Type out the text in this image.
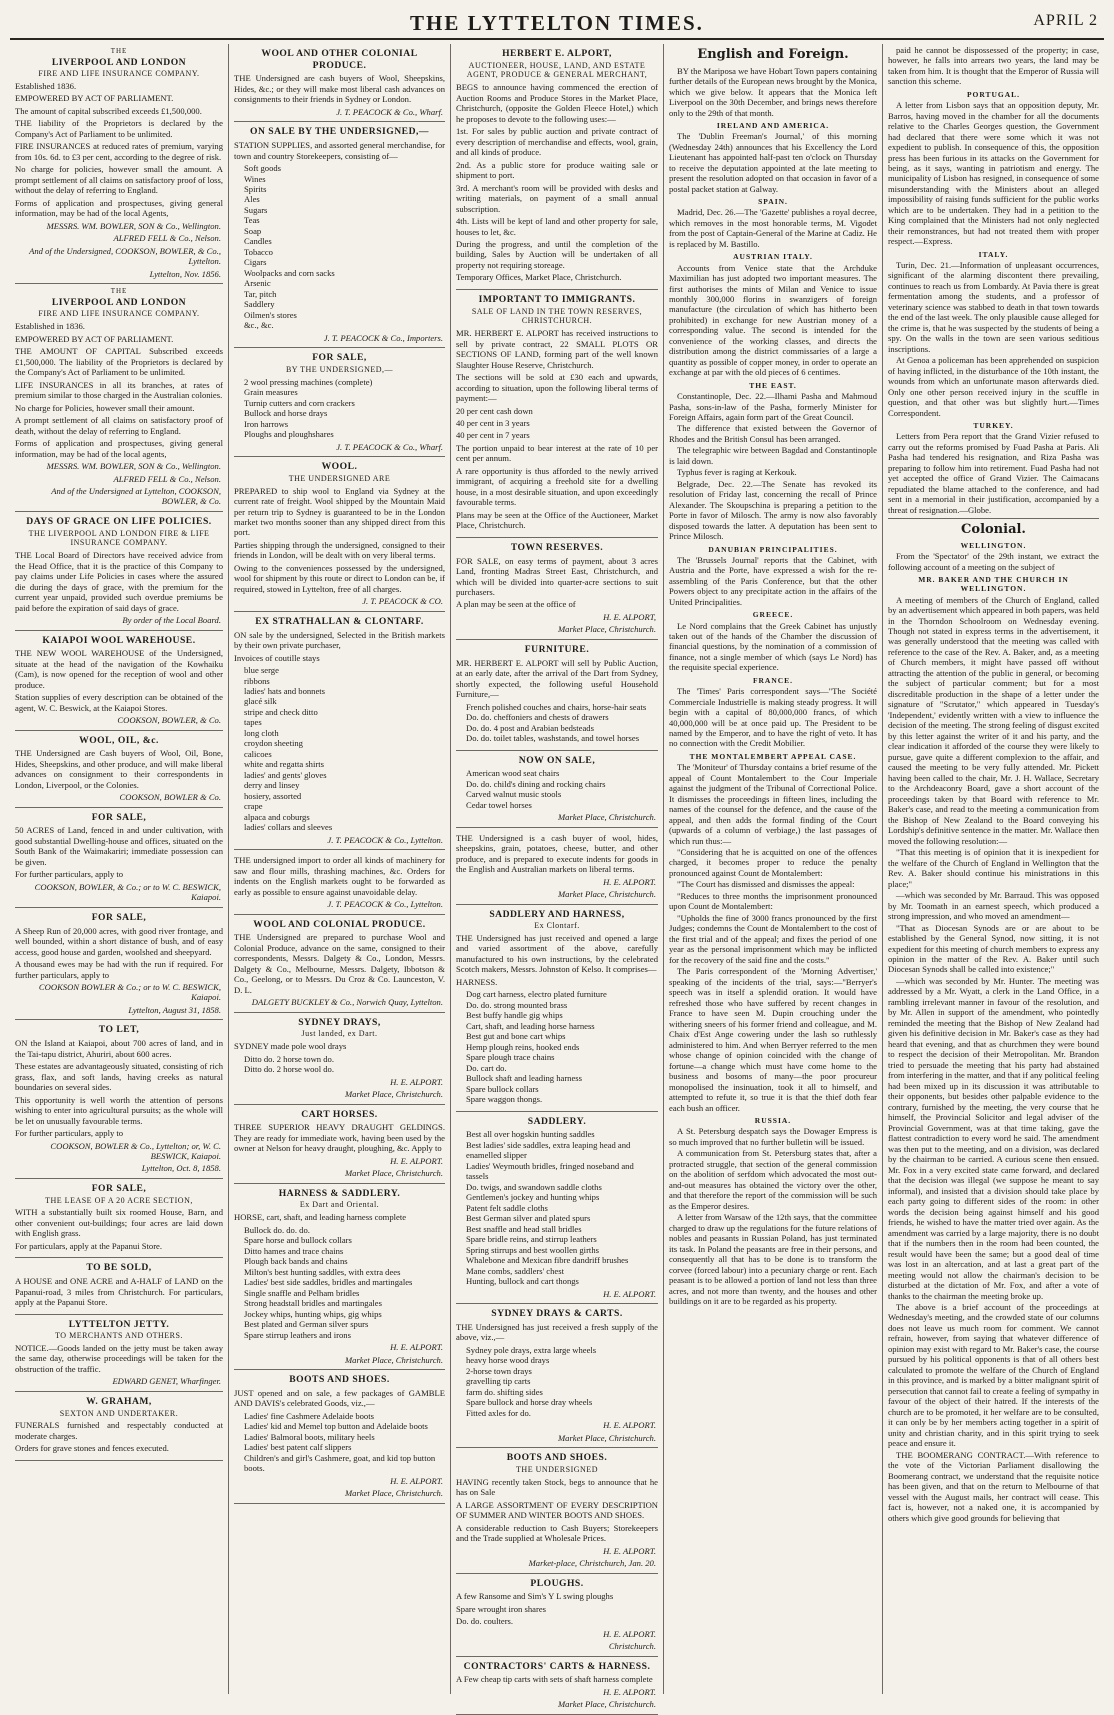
THE LYTTELTON TIMES.	APRIL 2
THE
LIVERPOOL AND LONDON
FIRE AND LIFE INSURANCE COMPANY.
Established 1836.
EMPOWERED BY ACT OF PARLIAMENT.
The amount of capital subscribed exceeds £1,500,000.
THE liability of the Proprietors is declared by the Company's Act of Parliament to be unlimited.
FIRE INSURANCES at reduced rates of premium, varying from 10s. 6d. to £3 per cent, according to the degree of risk.
No charge for policies, however small the amount. A prompt settlement of all claims on satisfactory proof of loss, without the delay of referring to England.
Forms of application and prospectuses, giving general information, may be had of the local Agents,
MESSRS. WM. BOWLER, SON & Co., Wellington.
ALFRED FELL & Co., Nelson.
And of the Undersigned, COOKSON, BOWLER, & Co., Lyttelton.
Lyttelton, Nov. 1856.
THE
LIVERPOOL AND LONDON
FIRE AND LIFE INSURANCE COMPANY.
Established in 1836.
EMPOWERED BY ACT OF PARLIAMENT.
THE AMOUNT OF CAPITAL Subscribed exceeds £1,500,000. The liability of the Proprietors is declared by the Company's Act of Parliament to be unlimited.
LIFE INSURANCES in all its branches, at rates of premium similar to those charged in the Australian colonies.
No charge for Policies, however small their amount.
A prompt settlement of all claims on satisfactory proof of death, without the delay of referring to England.
Forms of application and prospectuses, giving general information, may be had of the local agents,
MESSRS. WM. BOWLER, SON & Co., Wellington.
ALFRED FELL & Co., Nelson.
And of the Undersigned at Lyttelton, COOKSON, BOWLER, & Co.
DAYS OF GRACE ON LIFE POLICIES.
THE LIVERPOOL AND LONDON FIRE & LIFE INSURANCE COMPANY.
THE Local Board of Directors have received advice from the Head Office, that it is the practice of this Company to pay claims under Life Policies in cases where the assured die during the days of grace, with the premium for the current year unpaid, provided such overdue premiums be paid before the expiration of said days of grace.
By order of the Local Board.
KAIAPOI WOOL WAREHOUSE.
THE NEW WOOL WAREHOUSE of the Undersigned, situate at the head of the navigation of the Kowhaiku (Cam), is now opened for the reception of wool and other produce.
Station supplies of every description can be obtained of the agent, W. C. Beswick, at the Kaiapoi Stores.
COOKSON, BOWLER, & Co.
WOOL, OIL, &c.
THE Undersigned are Cash buyers of Wool, Oil, Bone, Hides, Sheepskins, and other produce, and will make liberal advances on consignment to their correspondents in London, Liverpool, or the Colonies.
COOKSON, BOWLER & Co.
FOR SALE,
50 ACRES of Land, fenced in and under cultivation, with good substantial Dwelling-house and offices, situated on the South Bank of the Waimakariri; immediate possession can be given.
For further particulars, apply to
COOKSON, BOWLER, & Co.; or to W. C. BESWICK, Kaiapoi.
FOR SALE,
A Sheep Run of 20,000 acres, with good river frontage, and well bounded, within a short distance of bush, and of easy access, good house and garden, woolshed and sheepyard.
A thousand ewes may be had with the run if required. For further particulars, apply to
COOKSON BOWLER & Co.; or to W. C. BESWICK, Kaiapoi.
Lyttelton, August 31, 1858.
TO LET,
ON the Island at Kaiapoi, about 700 acres of land, and in the Tai-tapu district, Ahuriri, about 600 acres.
These estates are advantageously situated, consisting of rich grass, flax, and soft lands, having creeks as natural boundaries on several sides.
This opportunity is well worth the attention of persons wishing to enter into agricultural pursuits; as the whole will be let on unusually favourable terms.
For further particulars, apply to
COOKSON, BOWLER & Co., Lyttelton; or, W. C. BESWICK, Kaiapoi.
Lyttelton, Oct. 8, 1858.
FOR SALE,
THE LEASE OF A 20 ACRE SECTION,
WITH a substantially built six roomed House, Barn, and other convenient out-buildings; four acres are laid down with English grass.
For particulars, apply at the Papanui Store.
TO BE SOLD,
A HOUSE and ONE ACRE and A-HALF of LAND on the Papanui-road, 3 miles from Christchurch. For particulars, apply at the Papanui Store.
LYTTELTON JETTY.
TO MERCHANTS AND OTHERS.
NOTICE.—Goods landed on the jetty must be taken away the same day, otherwise proceedings will be taken for the obstruction of the traffic.
EDWARD GENET, Wharfinger.
W. GRAHAM,
SEXTON AND UNDERTAKER.
FUNERALS furnished and respectably conducted at moderate charges.
Orders for grave stones and fences executed.
WOOL AND OTHER COLONIAL PRODUCE.
THE Undersigned are cash buyers of Wool, Sheepskins, Hides, &c.; or they will make most liberal cash advances on consignments to their friends in Sydney or London.
J. T. PEACOCK & Co., Wharf.
ON SALE BY THE UNDERSIGNED,—
STATION SUPPLIES, and assorted general merchandise, for town and country Storekeepers, consisting of—
Soft goods
Wines
Spirits
Ales
Sugars
Teas
Soap
Candles
Tobacco
Cigars
Woolpacks and corn sacks
Arsenic
Tar, pitch
Saddlery
Oilmen's stores
&c., &c.
J. T. PEACOCK & Co., Importers.
FOR SALE,
BY THE UNDERSIGNED,—
2 wool pressing machines (complete)
Grain measures
Turnip cutters and corn crackers
Bullock and horse drays
Iron harrows
Ploughs and ploughshares
J. T. PEACOCK & Co., Wharf.
WOOL.
THE UNDERSIGNED ARE
PREPARED to ship wool to England via Sydney at the current rate of freight. Wool shipped by the Mountain Maid per return trip to Sydney is guaranteed to be in the London market two months sooner than any shipped direct from this port.
Parties shipping through the undersigned, consigned to their friends in London, will be dealt with on very liberal terms.
Owing to the conveniences possessed by the undersigned, wool for shipment by this route or direct to London can be, if required, stowed in Lyttelton, free of all charges.
J. T. PEACOCK & CO.
EX STRATHALLAN & CLONTARF.
ON sale by the undersigned, Selected in the British markets by their own private purchaser,
Invoices of coutille stays
blue serge
ribbons
ladies' hats and bonnets
glacé silk
stripe and check ditto
tapes
long cloth
croydon sheeting
calicoes
white and regatta shirts
ladies' and gents' gloves
derry and linsey
hosiery, assorted
crape
alpaca and coburgs
ladies' collars and sleeves
J. T. PEACOCK & Co., Lyttelton.
THE undersigned import to order all kinds of machinery for saw and flour mills, thrashing machines, &c. Orders for indents on the English markets ought to be forwarded as early as possible to ensure against unavoidable delay.
J. T. PEACOCK & Co., Lyttelton.
WOOL AND COLONIAL PRODUCE.
THE Undersigned are prepared to purchase Wool and Colonial Produce, advance on the same, consigned to their correspondents, Messrs. Dalgety & Co., London, Messrs. Dalgety & Co., Melbourne, Messrs. Dalgety, Ibbotson & Co., Geelong, or to Messrs. Du Croz & Co. Launceston, V. D. L.
DALGETY BUCKLEY & Co., Norwich Quay, Lyttelton.
SYDNEY DRAYS,
Just landed, ex Dart.
SYDNEY made pole wool drays
Ditto do. 2 horse town do.
Ditto do. 2 horse wool do.
H. E. ALPORT.
Market Place, Christchurch.
CART HORSES.
THREE SUPERIOR HEAVY DRAUGHT GELDINGS. They are ready for immediate work, having been used by the owner at Nelson for heavy draught, ploughing, &c. Apply to
H. E. ALPORT.
Market Place, Christchurch.
HARNESS & SADDLERY.
Ex Dart and Oriental.
HORSE, cart, shaft, and leading harness complete
Bullock do. do. do.
Spare horse and bullock collars
Ditto hames and trace chains
Plough back bands and chains
Milton's best hunting saddles, with extra dees
Ladies' best side saddles, bridles and martingales
Single snaffle and Pelham bridles
Strong headstall bridles and martingales
Jockey whips, hunting whips, gig whips
Best plated and German silver spurs
Spare stirrup leathers and irons
H. E. ALPORT.
Market Place, Christchurch.
BOOTS AND SHOES.
JUST opened and on sale, a few packages of GAMBLE AND DAVIS's celebrated Goods, viz.,—
Ladies' fine Cashmere Adelaide boots
Ladies' kid and Memel top button and Adelaide boots
Ladies' Balmoral boots, military heels
Ladies' best patent calf slippers
Children's and girl's Cashmere, goat, and kid top button boots.
H. E. ALPORT.
Market Place, Christchurch.
HERBERT E. ALPORT,
AUCTIONEER, HOUSE, LAND, AND ESTATE AGENT, PRODUCE & GENERAL MERCHANT,
BEGS to announce having commenced the erection of Auction Rooms and Produce Stores in the Market Place, Christchurch, (opposite the Golden Fleece Hotel,) which he proposes to devote to the following uses:—
1st. For sales by public auction and private contract of every description of merchandise and effects, wool, grain, and all kinds of produce.
2nd. As a public store for produce waiting sale or shipment to port.
3rd. A merchant's room will be provided with desks and writing materials, on payment of a small annual subscription.
4th. Lists will be kept of land and other property for sale, houses to let, &c.
During the progress, and until the completion of the building, Sales by Auction will be undertaken of all property not requiring storeage.
Temporary Offices, Market Place, Christchurch.
IMPORTANT TO IMMIGRANTS.
SALE OF LAND IN THE TOWN RESERVES, CHRISTCHURCH.
MR. HERBERT E. ALPORT has received instructions to sell by private contract, 22 SMALL PLOTS OR SECTIONS OF LAND, forming part of the well known Slaughter House Reserve, Christchurch.
The sections will be sold at £30 each and upwards, according to situation, upon the following liberal terms of payment:—
20 per cent cash down
40 per cent in 3 years
40 per cent in 7 years
The portion unpaid to bear interest at the rate of 10 per cent per annum.
A rare opportunity is thus afforded to the newly arrived immigrant, of acquiring a freehold site for a dwelling house, in a most desirable situation, and upon exceedingly favourable terms.
Plans may be seen at the Office of the Auctioneer, Market Place, Christchurch.
TOWN RESERVES.
FOR SALE, on easy terms of payment, about 3 acres Land, fronting Madras Street East, Christchurch, and which will be divided into quarter-acre sections to suit purchasers.
A plan may be seen at the office of
H. E. ALPORT,
Market Place, Christchurch.
FURNITURE.
MR. HERBERT E. ALPORT will sell by Public Auction, at an early date, after the arrival of the Dart from Sydney, shortly expected, the following useful Household Furniture,—
French polished couches and chairs, horse-hair seats
Do. do. cheffoniers and chests of drawers
Do. do. 4 post and Arabian bedsteads
Do. do. toilet tables, washstands, and towel horses
NOW ON SALE,
American wood seat chairs
Do. do. child's dining and rocking chairs
Carved walnut music stools
Cedar towel horses
Market Place, Christchurch.
THE Undersigned is a cash buyer of wool, hides, sheepskins, grain, potatoes, cheese, butter, and other produce, and is prepared to execute indents for goods in the English and Australian markets on liberal terms.
H. E. ALPORT.
Market Place, Christchurch.
SADDLERY AND HARNESS,
Ex Clontarf.
THE Undersigned has just received and opened a large and varied assortment of the above, carefully manufactured to his own instructions, by the celebrated Scotch makers, Messrs. Johnston of Kelso. It comprises—
HARNESS.
Dog cart harness, electro plated furniture
Do. do. strong mounted brass
Best buffy handle gig whips
Cart, shaft, and leading horse harness
Best gut and bone cart whips
Hemp plough reins, hooked ends
Spare plough trace chains
Do. cart do.
Bullock shaft and leading harness
Spare bullock collars
Spare waggon thongs.
SADDLERY.
Best all over hogskin hunting saddles
Best ladies' side saddles, extra leaping head and enamelled slipper
Ladies' Weymouth bridles, fringed noseband and tassels
Do. twigs, and swandown saddle cloths
Gentlemen's jockey and hunting whips
Patent felt saddle cloths
Best German silver and plated spurs
Best snaffle and head stall bridles
Spare bridle reins, and stirrup leathers
Spring stirrups and best woollen girths
Whalebone and Mexican fibre dandriff brushes
Mane combs, saddlers' chest
Hunting, bullock and cart thongs
H. E. ALPORT.
SYDNEY DRAYS & CARTS.
THE Undersigned has just received a fresh supply of the above, viz.,—
Sydney pole drays, extra large wheels
heavy horse wood drays
2-horse town drays
gravelling tip carts
farm do. shifting sides
Spare bullock and horse dray wheels
Fitted axles for do.
H. E. ALPORT.
Market Place, Christchurch.
BOOTS AND SHOES.
THE UNDERSIGNED
HAVING recently taken Stock, begs to announce that he has on Sale
A LARGE ASSORTMENT OF EVERY DESCRIPTION OF SUMMER AND WINTER BOOTS AND SHOES.
A considerable reduction to Cash Buyers; Storekeepers and the Trade supplied at Wholesale Prices.
H. E. ALPORT.
Market-place, Christchurch, Jan. 20.
PLOUGHS.
A few Ransome and Sim's Y L swing ploughs
Spare wrought iron shares
Do. do. coulters.
H. E. ALPORT.
Christchurch.
CONTRACTORS' CARTS & HARNESS.
A Few cheap tip carts with sets of shaft harness complete
H. E. ALPORT.
Market Place, Christchurch.
English and Foreign.
BY the Mariposa we have Hobart Town papers containing further details of the European news brought by the Monica, which we give below. It appears that the Monica left Liverpool on the 30th December, and brings news therefore only to the 29th of that month.
IRELAND AND AMERICA.
The 'Dublin Freeman's Journal,' of this morning (Wednesday 24th) announces that his Excellency the Lord Lieutenant has appointed half-past ten o'clock on Thursday to receive the deputation appointed at the late meeting to present the resolution adopted on that occasion in favor of a postal packet station at Galway.
SPAIN.
Madrid, Dec. 26.—The 'Gazette' publishes a royal decree, which removes in the most honorable terms, M. Vigodet from the post of Captain-General of the Marine at Cadiz. He is replaced by M. Bastillo.
AUSTRIAN ITALY.
Accounts from Venice state that the Archduke Maximilian has just adopted two important measures. The first authorises the mints of Milan and Venice to issue monthly 300,000 florins in swanzigers of foreign manufacture (the circulation of which has hitherto been prohibited) in exchange for new Austrian money of a corresponding value. The second is intended for the convenience of the working classes, and directs the distribution among the district commissaries of a large a quantity as possible of copper money, in order to operate an exchange at par with the old pieces of 6 centimes.
THE EAST.
Constantinople, Dec. 22.—Ilhami Pasha and Mahmoud Pasha, sons-in-law of the Pasha, formerly Minister for Foreign Affairs, again form part of the Great Council.
The difference that existed between the Governor of Rhodes and the British Consul has been arranged.
The telegraphic wire between Bagdad and Constantinople is laid down.
Typhus fever is raging at Kerkouk.
Belgrade, Dec. 22.—The Senate has revoked its resolution of Friday last, concerning the recall of Prince Alexander. The Skoupschina is preparing a petition to the Porte in favor of Milosch. The army is now also favorably disposed towards the latter. A deputation has been sent to Prince Milosch.
DANUBIAN PRINCIPALITIES.
The 'Brussels Journal' reports that the Cabinet, with Austria and the Porte, have expressed a wish for the re-assembling of the Paris Conference, but that the other Powers object to any precipitate action in the affairs of the United Principalities.
GREECE.
Le Nord complains that the Greek Cabinet has unjustly taken out of the hands of the Chamber the discussion of financial questions, by the nomination of a commission of finance, not a single member of which (says Le Nord) has the requisite special experience.
FRANCE.
The 'Times' Paris correspondent says—"The Société Commerciale Industrielle is making steady progress. It will begin with a capital of 80,000,000 francs, of which 40,000,000 will be at once paid up. The President to be named by the Emperor, and to have the right of veto. It has no connection with the Credit Mobilier.
THE MONTALEMBERT APPEAL CASE.
The 'Moniteur' of Thursday contains a brief resume of the appeal of Count Montalembert to the Cour Imperiale against the judgment of the Tribunal of Correctional Police. It dismisses the proceedings in fifteen lines, including the names of the counsel for the defence, and the cause of the appeal, and then adds the formal finding of the Court (upwards of a column of verbiage,) the last passages of which run thus:—
"Considering that he is acquitted on one of the offences charged, it becomes proper to reduce the penalty pronounced against Count de Montalembert:
"The Court has dismissed and dismisses the appeal:
"Reduces to three months the imprisonment pronounced upon Count de Montalembert:
"Upholds the fine of 3000 francs pronounced by the first Judges; condemns the Count de Montalembert to the cost of the first trial and of the appeal; and fixes the period of one year as the personal imprisonment which may be inflicted for the recovery of the said fine and the costs."
The Paris correspondent of the 'Morning Advertiser,' speaking of the incidents of the trial, says:—"Berryer's speech was in itself a splendid oration. It would have refreshed those who have suffered by recent changes in France to have seen M. Dupin crouching under the withering sneers of his former friend and colleague, and M. Chaix d'Est Ange cowering under the lash so ruthlessly administered to him. And when Berryer referred to the men whose change of opinion coincided with the change of fortune—a change which must have come home to the business and bosoms of many—the poor procureur monopolised the insinuation, took it all to himself, and attempted to refute it, so true it is that the thief doth fear each bush an officer.
RUSSIA.
A St. Petersburg despatch says the Dowager Empress is so much improved that no further bulletin will be issued.
A communication from St. Petersburg states that, after a protracted struggle, that section of the general commission on the abolition of serfdom which advocated the most out-and-out measures has obtained the victory over the other, and that therefore the report of the commission will be such as the Emperor desires.
A letter from Warsaw of the 12th says, that the committee charged to draw up the regulations for the future relations of nobles and peasants in Russian Poland, has just terminated its task. In Poland the peasants are free in their persons, and consequently all that has to be done is to transform the corvee (forced labour) into a pecuniary charge or rent. Each peasant is to be allowed a portion of land not less than three acres, and not more than twenty, and the houses and other buildings on it are to be regarded as his property.
paid he cannot be dispossessed of the property; in case, however, he falls into arrears two years, the land may be taken from him. It is thought that the Emperor of Russia will sanction this scheme.
PORTUGAL.
A letter from Lisbon says that an opposition deputy, Mr. Barros, having moved in the chamber for all the documents relative to the Charles Georges question, the Government had declared that there were some which it was not expedient to publish. In consequence of this, the opposition press has been furious in its attacks on the Government for being, as it says, wanting in patriotism and energy. The municipality of Lisbon has resigned, in consequence of some misunderstanding with the Ministers about an alleged impossibility of raising funds sufficient for the public works which are to be undertaken. They had in a petition to the King complained that the Ministers had not only neglected their remonstrances, but had not treated them with proper respect.—Express.
ITALY.
Turin, Dec. 21.—Information of unpleasant occurrences, significant of the alarming discontent there prevailing, continues to reach us from Lombardy. At Pavia there is great fermentation among the students, and a professor of veterinary science was stabbed to death in that town towards the end of the last week. The only plausible cause alleged for the crime is, that he was suspected by the students of being a spy. On the walls in the town are seen various seditious inscriptions.
At Genoa a policeman has been apprehended on suspicion of having inflicted, in the disturbance of the 10th instant, the wounds from which an unfortunate mason afterwards died. Only one other person received injury in the scuffle in question, and that other was but slightly hurt.—Times Correspondent.
TURKEY.
Letters from Pera report that the Grand Vizier refused to carry out the reforms promised by Fuad Pasha at Paris. Ali Pasha had tendered his resignation, and Riza Pasha was preparing to follow him into retirement. Fuad Pasha had not yet accepted the office of Grand Vizier. The Caimacans repudiated the blame attached to the conference, and had sent in a memorial in their justification, accompanied by a threat of resignation.—Globe.
Colonial.
WELLINGTON.
From the 'Spectator' of the 29th instant, we extract the following account of a meeting on the subject of
MR. BAKER AND THE CHURCH IN WELLINGTON.
A meeting of members of the Church of England, called by an advertisement which appeared in both papers, was held in the Thorndon Schoolroom on Wednesday evening. Though not stated in express terms in the advertisement, it was generally understood that the meeting was called with reference to the case of the Rev. A. Baker, and, as a meeting of Church members, it might have passed off without attracting the attention of the public in general, or becoming the subject of particular comment; but for a most discreditable production in the shape of a letter under the signature of "Scrutator," which appeared in Tuesday's 'Independent,' evidently written with a view to influence the decision of the meeting. The strong feeling of disgust excited by this letter against the writer of it and his party, and the clear indication it afforded of the course they were likely to pursue, gave quite a different complexion to the affair, and caused the meeting to be very fully attended. Mr. Pickett having been called to the chair, Mr. J. H. Wallace, Secretary to the Archdeaconry Board, gave a short account of the proceedings taken by that Board with reference to Mr. Baker's case, and read to the meeting a communication from the Bishop of New Zealand to the Board conveying his Lordship's definitive sentence in the matter. Mr. Wallace then moved the following resolution:—
"That this meeting is of opinion that it is inexpedient for the welfare of the Church of England in Wellington that the Rev. A. Baker should continue his ministrations in this place;"
—which was seconded by Mr. Barraud. This was opposed by Mr. Toomath in an earnest speech, which produced a strong impression, and who moved an amendment—
"That as Diocesan Synods are or are about to be established by the General Synod, now sitting, it is not expedient for this meeting of church members to express any opinion in the matter of the Rev. A. Baker until such Diocesan Synods shall be called into existence;"
—which was seconded by Mr. Hunter. The meeting was addressed by a Mr. Wyatt, a clerk in the Land Office, in a rambling irrelevant manner in favour of the resolution, and by Mr. Allen in support of the amendment, who pointedly reminded the meeting that the Bishop of New Zealand had given his definitive decision in Mr. Baker's case as they had heard that evening, and that as churchmen they were bound to respect the decision of their Metropolitan. Mr. Brandon tried to persuade the meeting that his party had abstained from interfering in the matter, and that if any political feeling had been mixed up in its discussion it was attributable to their opponents, but besides other palpable evidence to the contrary, furnished by the meeting, the very course that he himself, the Provincial Solicitor and legal adviser of the Provincial Government, was at that time taking, gave the flattest contradiction to every word he said. The amendment was then put to the meeting, and on a division, was declared by the chairman to be carried. A curious scene then ensued. Mr. Fox in a very excited state came forward, and declared that the decision was illegal (we suppose he meant to say informal), and insisted that a division should take place by each party going to different sides of the room: in other words the decision being against himself and his good friends, he wished to have the matter tried over again. As the amendment was carried by a large majority, there is no doubt that if the numbers then in the room had been counted, the result would have been the same; but a good deal of time was lost in an altercation, and at last a great part of the meeting would not allow the chairman's decision to be disturbed at the dictation of Mr. Fox, and after a vote of thanks to the chairman the meeting broke up.
The above is a brief account of the proceedings at Wednesday's meeting, and the crowded state of our columns does not leave us much room for comment. We cannot refrain, however, from saying that whatever difference of opinion may exist with regard to Mr. Baker's case, the course pursued by his political opponents is that of all others best calculated to promote the welfare of the Church of England in this province, and is marked by a bitter malignant spirit of persecution that cannot fail to create a feeling of sympathy in favour of the object of their hatred. If the interests of the church are to be promoted, it her welfare are to be consulted, it can only be by her members acting together in a spirit of unity and christian charity, and in this spirit trying to seek peace and ensure it.
THE BOOMERANG CONTRACT.—With reference to the vote of the Victorian Parliament disallowing the Boomerang contract, we understand that the requisite notice has been given, and that on the return to Melbourne of that vessel with the August mails, her contract will cease. This fact is, however, not a naked one, it is accompanied by others which give good grounds for believing that
